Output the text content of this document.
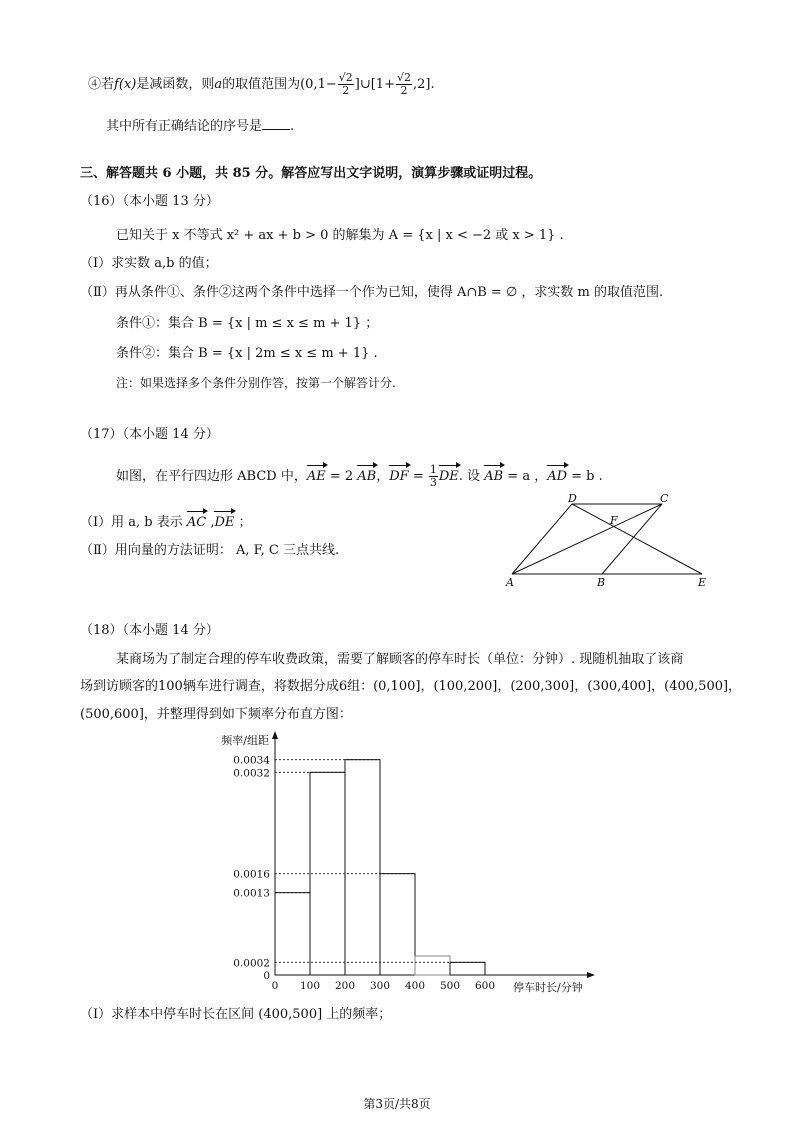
④若f(x)是减函数，则a的取值范围为($0,1- \frac{√2}{2}$ ]∪[1+ $\frac{√2}{2} ,2$].
其中所有正确结论的序号是 .
三、解答题共 6 小题，共 85 分。解答应写出文字说明，演算步骤或证明过程。
（16）（本小题 13 分）
已知关于 x 不等式 x² + ax + b > 0 的解集为 A = {x | x < −2 或 x > 1} .
（Ⅰ）求实数 a,b 的值；
（Ⅱ）再从条件①、条件②这两个条件中选择一个作为已知，使得 A∩B = ∅ ，求实数 m 的取值范围.
条件①：集合 B = {x | m ≤ x ≤ m + 1} ；
条件②：集合 B = {x | 2m ≤ x ≤ m + 1} .
注：如果选择多个条件分别作答，按第一个解答计分.
（17）（本小题 14 分）
如图，在平行四边形 ABCD 中，AE = 2 AB，DF = $\frac{1}{3}$ DE. 设 AB = a ，AD = b .
（Ⅰ）用 a, b 表示 AC ,DE ；
（Ⅱ）用向量的方法证明： A, F, C 三点共线.
D	C
F
A	B	E
（18）（本小题 14 分）
某商场为了制定合理的停车收费政策，需要了解顾客的停车时长（单位：分钟）. 现随机抽取了该商
场到访顾客的100辆车进行调查，将数据分成6组：(0,100]，(100,200]，(200,300]，(300,400]，(400,500]，
(500,600]，并整理得到如下频率分布直方图：
0.0034
0.0032
0.0016
0.0013
0.0002
0
0 100 200 300 400 500 600 停车时长/分钟
频率/组距
（Ⅰ）求样本中停车时长在区间 (400,500] 上的频率；
第3页/共8页
